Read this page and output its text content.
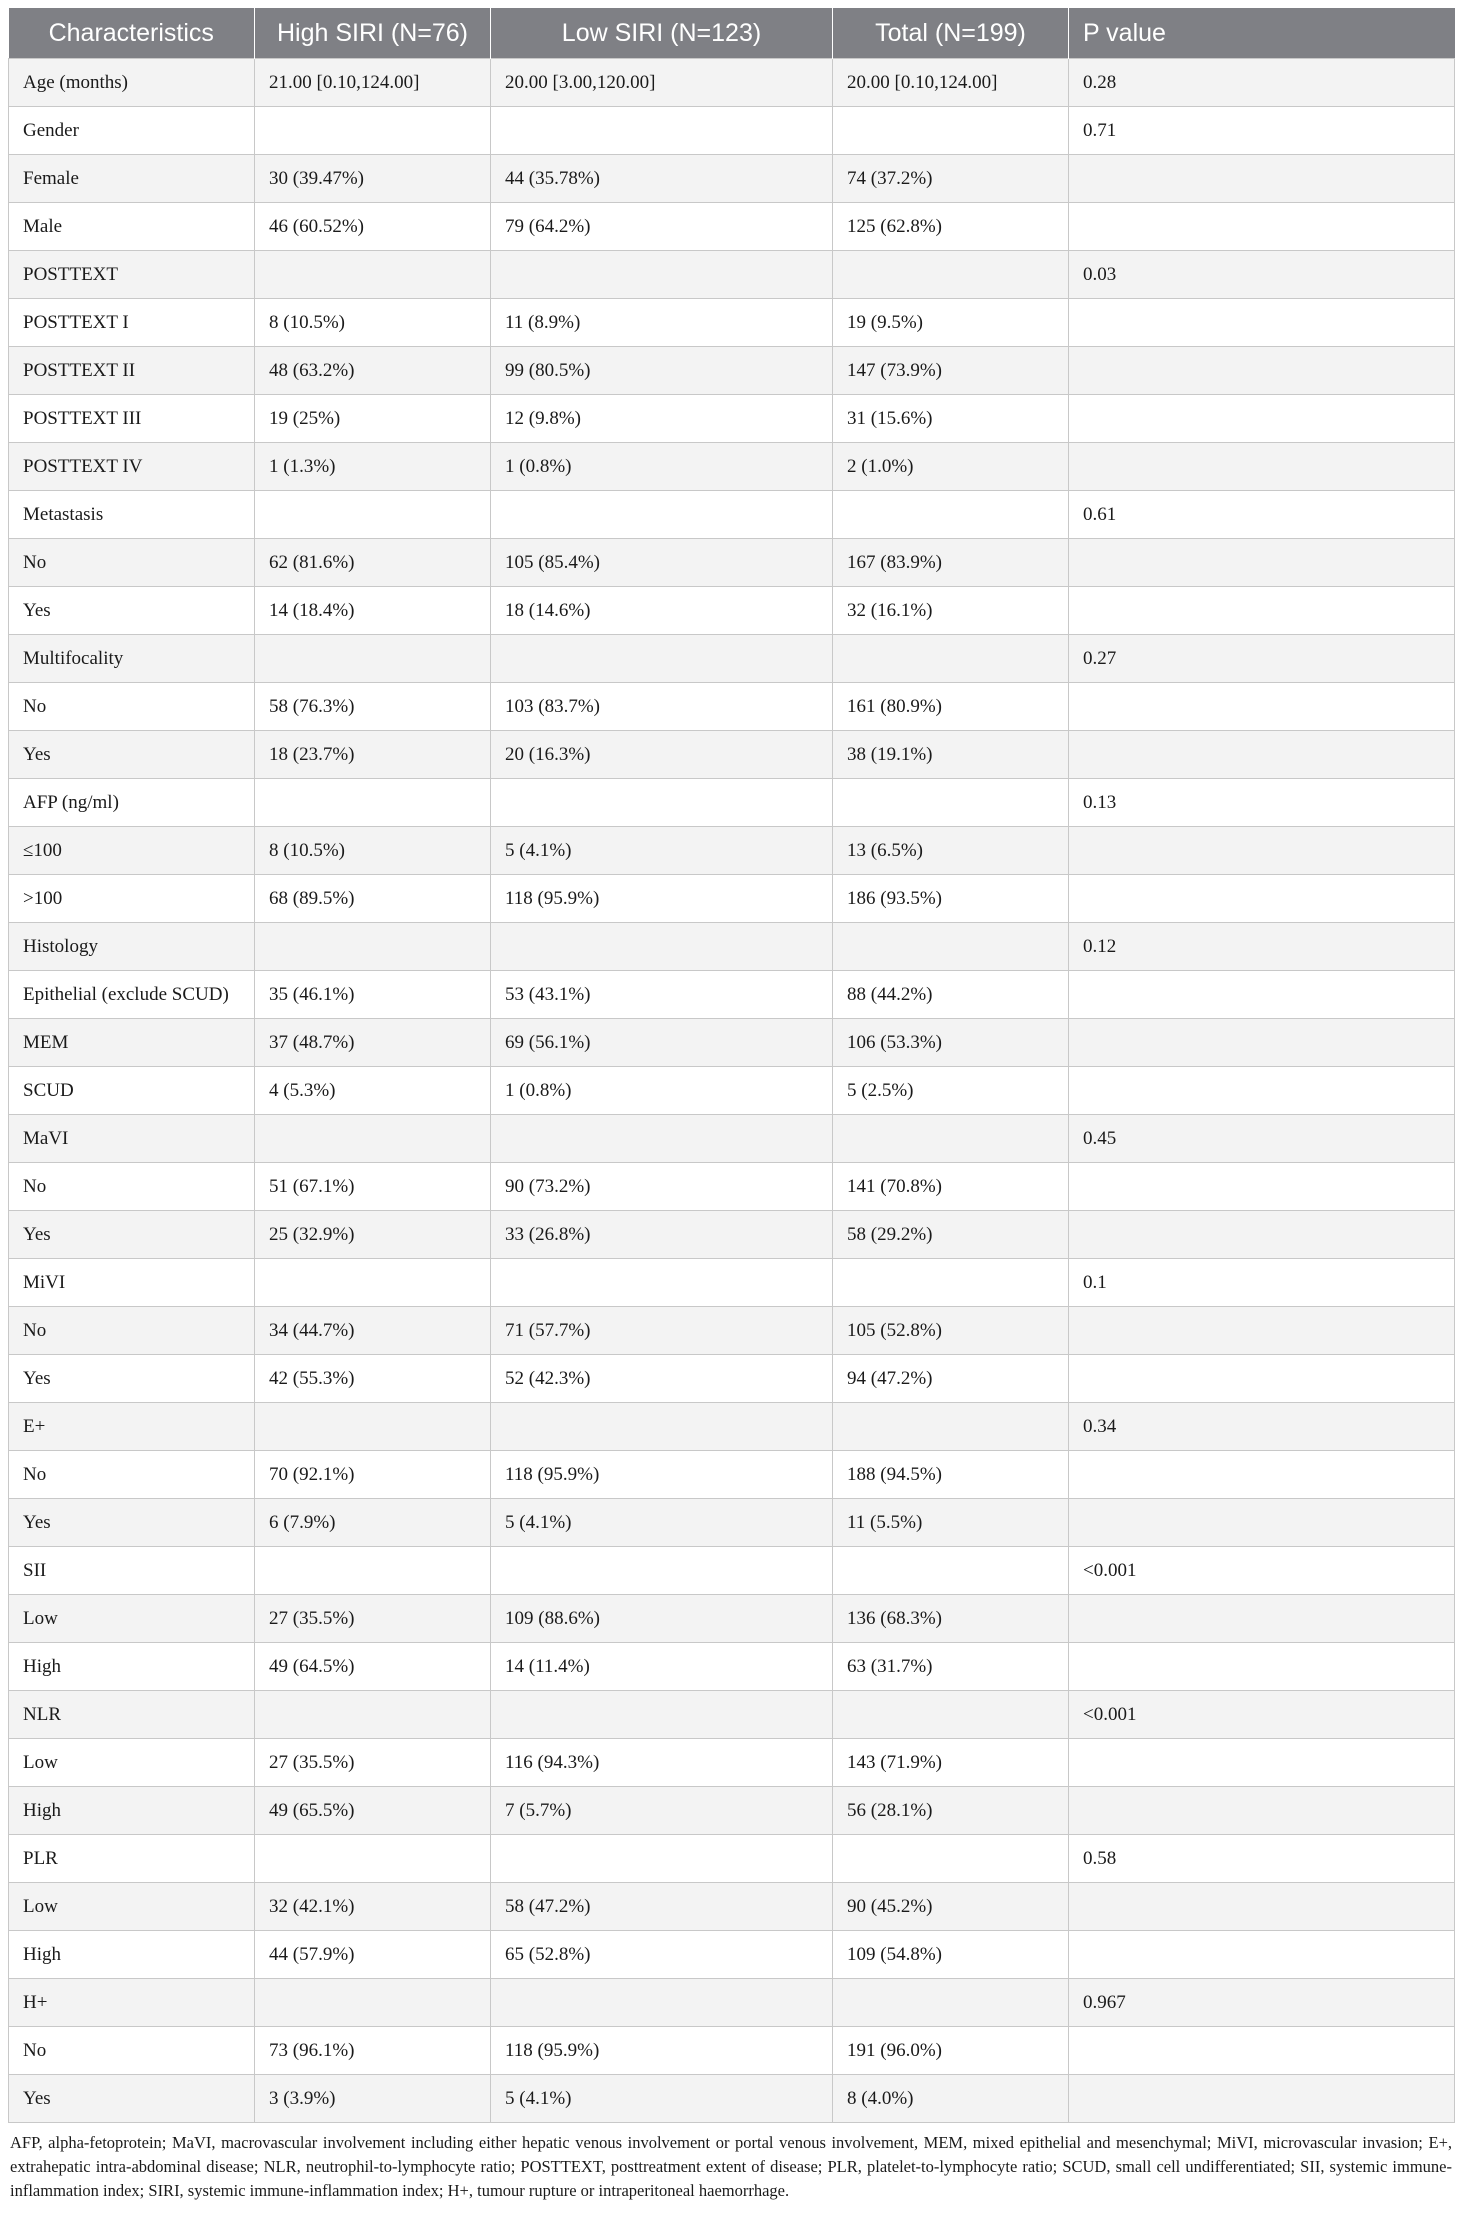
Characteristics	High SIRI (N=76)	Low SIRI (N=123)	Total (N=199)	P value
Age (months)	21.00 [0.10,124.00]	20.00 [3.00,120.00]	20.00 [0.10,124.00]	0.28
Gender				0.71
Female	30 (39.47%)	44 (35.78%)	74 (37.2%)	
Male	46 (60.52%)	79 (64.2%)	125 (62.8%)	
POSTTEXT				0.03
POSTTEXT I	8 (10.5%)	11 (8.9%)	19 (9.5%)	
POSTTEXT II	48 (63.2%)	99 (80.5%)	147 (73.9%)	
POSTTEXT III	19 (25%)	12 (9.8%)	31 (15.6%)	
POSTTEXT IV	1 (1.3%)	1 (0.8%)	2 (1.0%)	
Metastasis				0.61
No	62 (81.6%)	105 (85.4%)	167 (83.9%)	
Yes	14 (18.4%)	18 (14.6%)	32 (16.1%)	
Multifocality				0.27
No	58 (76.3%)	103 (83.7%)	161 (80.9%)	
Yes	18 (23.7%)	20 (16.3%)	38 (19.1%)	
AFP (ng/ml)				0.13
≤100	8 (10.5%)	5 (4.1%)	13 (6.5%)	
>100	68 (89.5%)	118 (95.9%)	186 (93.5%)	
Histology				0.12
Epithelial (exclude SCUD)	35 (46.1%)	53 (43.1%)	88 (44.2%)	
MEM	37 (48.7%)	69 (56.1%)	106 (53.3%)	
SCUD	4 (5.3%)	1 (0.8%)	5 (2.5%)	
MaVI				0.45
No	51 (67.1%)	90 (73.2%)	141 (70.8%)	
Yes	25 (32.9%)	33 (26.8%)	58 (29.2%)	
MiVI				0.1
No	34 (44.7%)	71 (57.7%)	105 (52.8%)	
Yes	42 (55.3%)	52 (42.3%)	94 (47.2%)	
E+				0.34
No	70 (92.1%)	118 (95.9%)	188 (94.5%)	
Yes	6 (7.9%)	5 (4.1%)	11 (5.5%)	
SII				<0.001
Low	27 (35.5%)	109 (88.6%)	136 (68.3%)	
High	49 (64.5%)	14 (11.4%)	63 (31.7%)	
NLR				<0.001
Low	27 (35.5%)	116 (94.3%)	143 (71.9%)	
High	49 (65.5%)	7 (5.7%)	56 (28.1%)	
PLR				0.58
Low	32 (42.1%)	58 (47.2%)	90 (45.2%)	
High	44 (57.9%)	65 (52.8%)	109 (54.8%)	
H+				0.967
No	73 (96.1%)	118 (95.9%)	191 (96.0%)	
Yes	3 (3.9%)	5 (4.1%)	8 (4.0%)	
AFP, alpha-fetoprotein; MaVI, macrovascular involvement including either hepatic venous involvement or portal venous involvement, MEM, mixed epithelial and mesenchymal; MiVI, microvascular invasion; E+, extrahepatic intra-abdominal disease; NLR, neutrophil-to-lymphocyte ratio; POSTTEXT, posttreatment extent of disease; PLR, platelet-to-lymphocyte ratio; SCUD, small cell undifferentiated; SII, systemic immune-inflammation index; SIRI, systemic immune-inflammation index; H+, tumour rupture or intraperitoneal haemorrhage.
